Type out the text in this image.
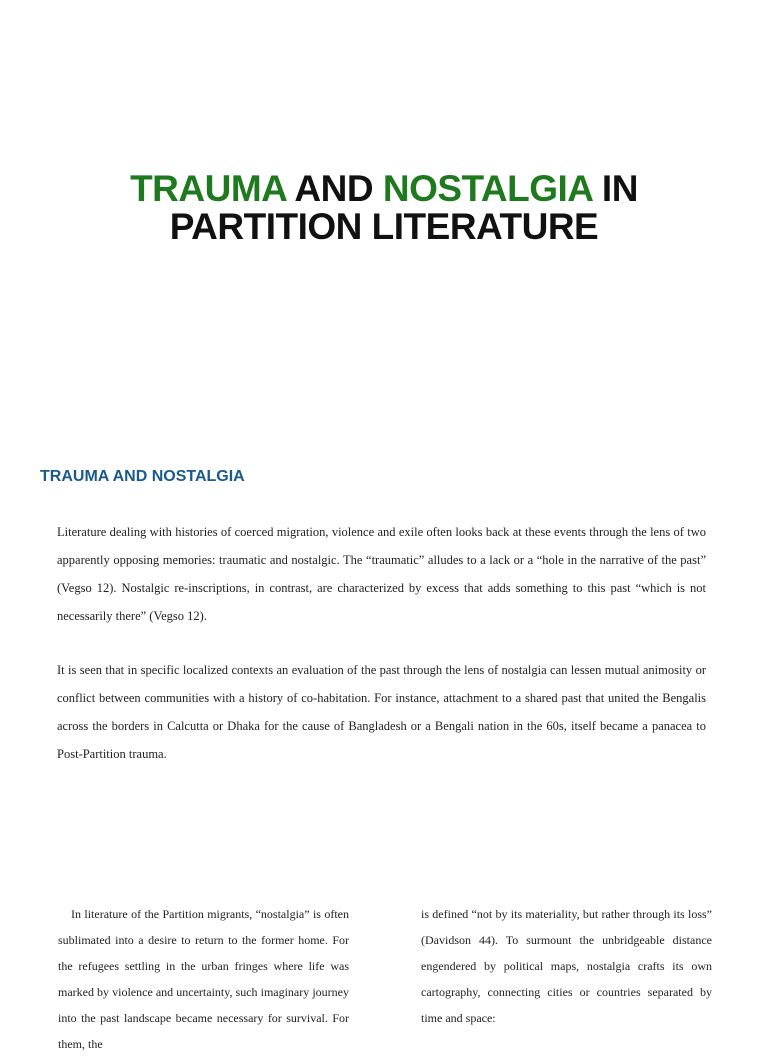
TRAUMA AND NOSTALGIA IN
PARTITION LITERATURE
TRAUMA AND NOSTALGIA

Literature dealing with histories of coerced migration, violence and exile often looks back at these events through the lens of two apparently opposing memories: traumatic and nostalgic. The “traumatic” alludes to a lack or a “hole in the narrative of the past” (Vegso 12). Nostalgic re-inscriptions, in contrast, are characterized by excess that adds something to this past “which is not necessarily there” (Vegso 12).

It is seen that in specific localized contexts an evaluation of the past through the lens of nostalgia can lessen mutual animosity or conflict between communities with a history of co-habitation. For instance, attachment to a shared past that united the Bengalis across the borders in Calcutta or Dhaka for the cause of Bangladesh or a Bengali nation in the 60s, itself became a panacea to Post-Partition trauma.

In literature of the Partition migrants, “nostalgia” is often sublimated into a desire to return to the former home. For the refugees settling in the urban fringes where life was marked by violence and uncertainty, such imaginary journey into the past landscape became necessary for survival. For them, the

is defined “not by its materiality, but rather through its loss” (Davidson 44). To surmount the unbridgeable distance engendered by political maps, nostalgia crafts its own cartography, connecting cities or countries separated by time and space:
